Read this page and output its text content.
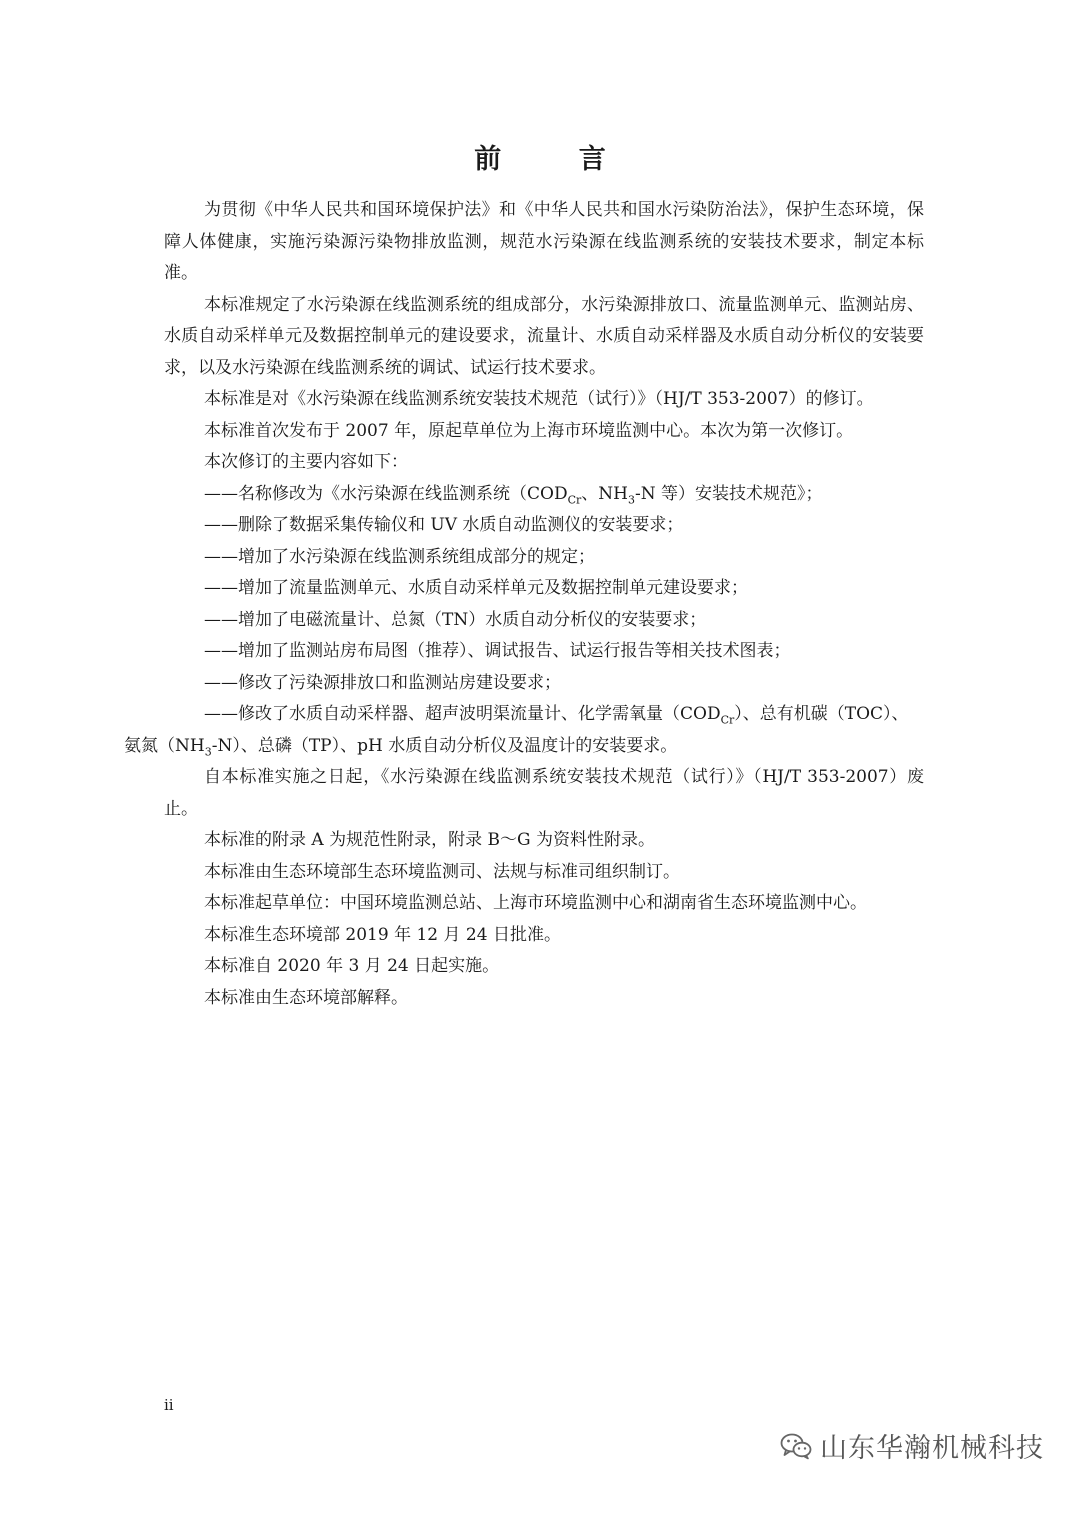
前 言

为贯彻《中华人民共和国环境保护法》和《中华人民共和国水污染防治法》，保护生态环境，保障人体健康，实施污染源污染物排放监测，规范水污染源在线监测系统的安装技术要求，制定本标准。

本标准规定了水污染源在线监测系统的组成部分，水污染源排放口、流量监测单元、监测站房、水质自动采样单元及数据控制单元的建设要求，流量计、水质自动采样器及水质自动分析仪的安装要求，以及水污染源在线监测系统的调试、试运行技术要求。

本标准是对《水污染源在线监测系统安装技术规范（试行）》（HJ/T 353-2007）的修订。

本标准首次发布于 2007 年，原起草单位为上海市环境监测中心。本次为第一次修订。

本次修订的主要内容如下：

——名称修改为《水污染源在线监测系统（$COD_{Cr}$、$NH_3-N$ 等）安装技术规范》；

——删除了数据采集传输仪和 UV 水质自动监测仪的安装要求；

——增加了水污染源在线监测系统组成部分的规定；

——增加了流量监测单元、水质自动采样单元及数据控制单元建设要求；

——增加了电磁流量计、总氮（TN）水质自动分析仪的安装要求；

——增加了监测站房布局图（推荐）、调试报告、试运行报告等相关技术图表；

——修改了污染源排放口和监测站房建设要求；

——修改了水质自动采样器、超声波明渠流量计、化学需氧量$(COD_{Cr})$、总有机碳（TOC）、
氨氮$(NH_3-N)$、总磷（TP）、pH 水质自动分析仪及温度计的安装要求。

自本标准实施之日起，《水污染源在线监测系统安装技术规范（试行）》（HJ/T 353-2007）废止。

本标准的附录 A 为规范性附录，附录 B～G 为资料性附录。

本标准由生态环境部生态环境监测司、法规与标准司组织制订。

本标准起草单位：中国环境监测总站、上海市环境监测中心和湖南省生态环境监测中心。

本标准生态环境部 2019 年 12 月 24 日批准。

本标准自 2020 年 3 月 24 日起实施。

本标准由生态环境部解释。

ii
山东华瀚机械科技
